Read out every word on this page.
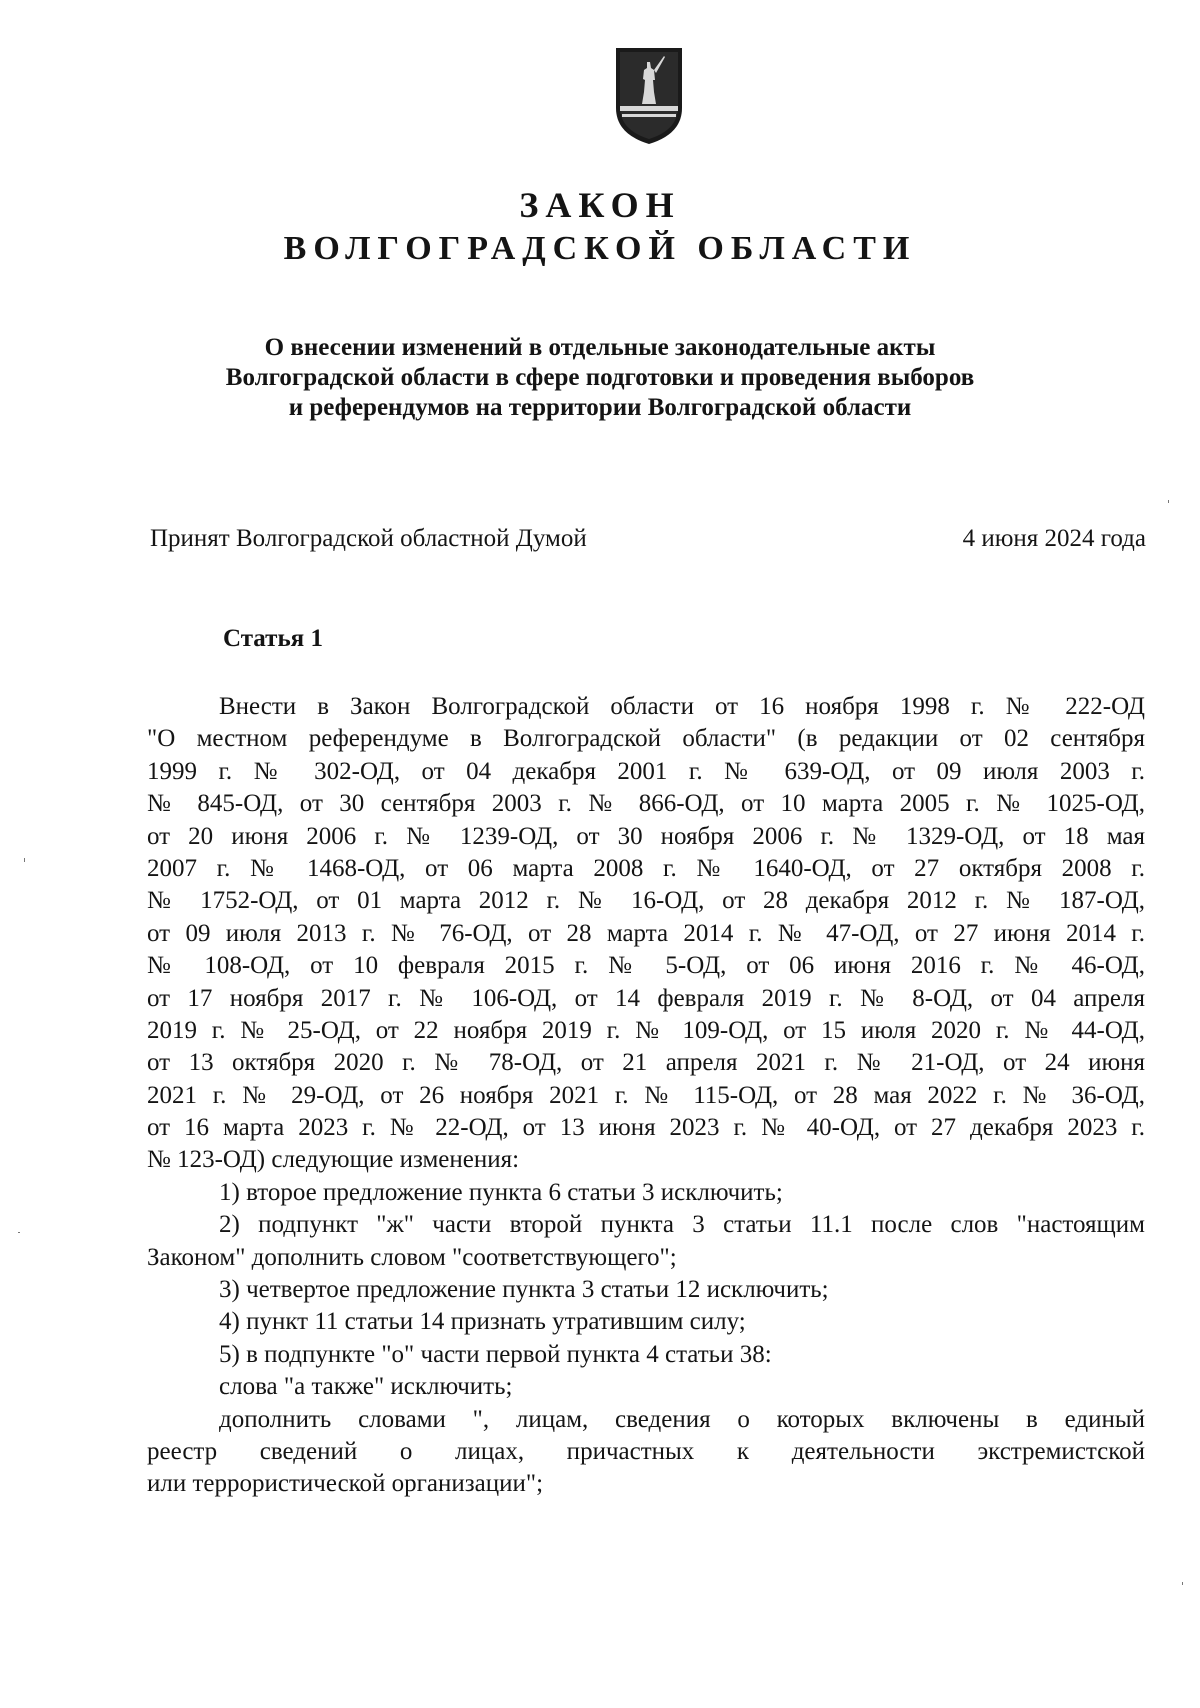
ЗАКОН
ВОЛГОГРАДСКОЙ ОБЛАСТИ
О внесении изменений в отдельные законодательные акты
Волгоградской области в сфере подготовки и проведения выборов
и референдумов на территории Волгоградской области
Принят Волгоградской областной Думой	4 июня 2024 года
Статья 1
Внести в Закон Волгоградской области от 16 ноября 1998 г. № 222-ОД
"О местном референдуме в Волгоградской области" (в редакции от 02 сентября
1999 г. № 302-ОД, от 04 декабря 2001 г. № 639-ОД, от 09 июля 2003 г.
№ 845-ОД, от 30 сентября 2003 г. № 866-ОД, от 10 марта 2005 г. № 1025-ОД,
от 20 июня 2006 г. № 1239-ОД, от 30 ноября 2006 г. № 1329-ОД, от 18 мая
2007 г. № 1468-ОД, от 06 марта 2008 г. № 1640-ОД, от 27 октября 2008 г.
№ 1752-ОД, от 01 марта 2012 г. № 16-ОД, от 28 декабря 2012 г. № 187-ОД,
от 09 июля 2013 г. № 76-ОД, от 28 марта 2014 г. № 47-ОД, от 27 июня 2014 г.
№ 108-ОД, от 10 февраля 2015 г. № 5-ОД, от 06 июня 2016 г. № 46-ОД,
от 17 ноября 2017 г. № 106-ОД, от 14 февраля 2019 г. № 8-ОД, от 04 апреля
2019 г. № 25-ОД, от 22 ноября 2019 г. № 109-ОД, от 15 июля 2020 г. № 44-ОД,
от 13 октября 2020 г. № 78-ОД, от 21 апреля 2021 г. № 21-ОД, от 24 июня
2021 г. № 29-ОД, от 26 ноября 2021 г. № 115-ОД, от 28 мая 2022 г. № 36-ОД,
от 16 марта 2023 г. № 22-ОД, от 13 июня 2023 г. № 40-ОД, от 27 декабря 2023 г.
№ 123-ОД) следующие изменения:
1) второе предложение пункта 6 статьи 3 исключить;
2) подпункт "ж" части второй пункта 3 статьи 11.1 после слов "настоящим
Законом" дополнить словом "соответствующего";
3) четвертое предложение пункта 3 статьи 12 исключить;
4) пункт 11 статьи 14 признать утратившим силу;
5) в подпункте "о" части первой пункта 4 статьи 38:
слова "а также" исключить;
дополнить словами ", лицам, сведения о которых включены в единый
реестр сведений о лицах, причастных к деятельности экстремистской
или террористической организации";
